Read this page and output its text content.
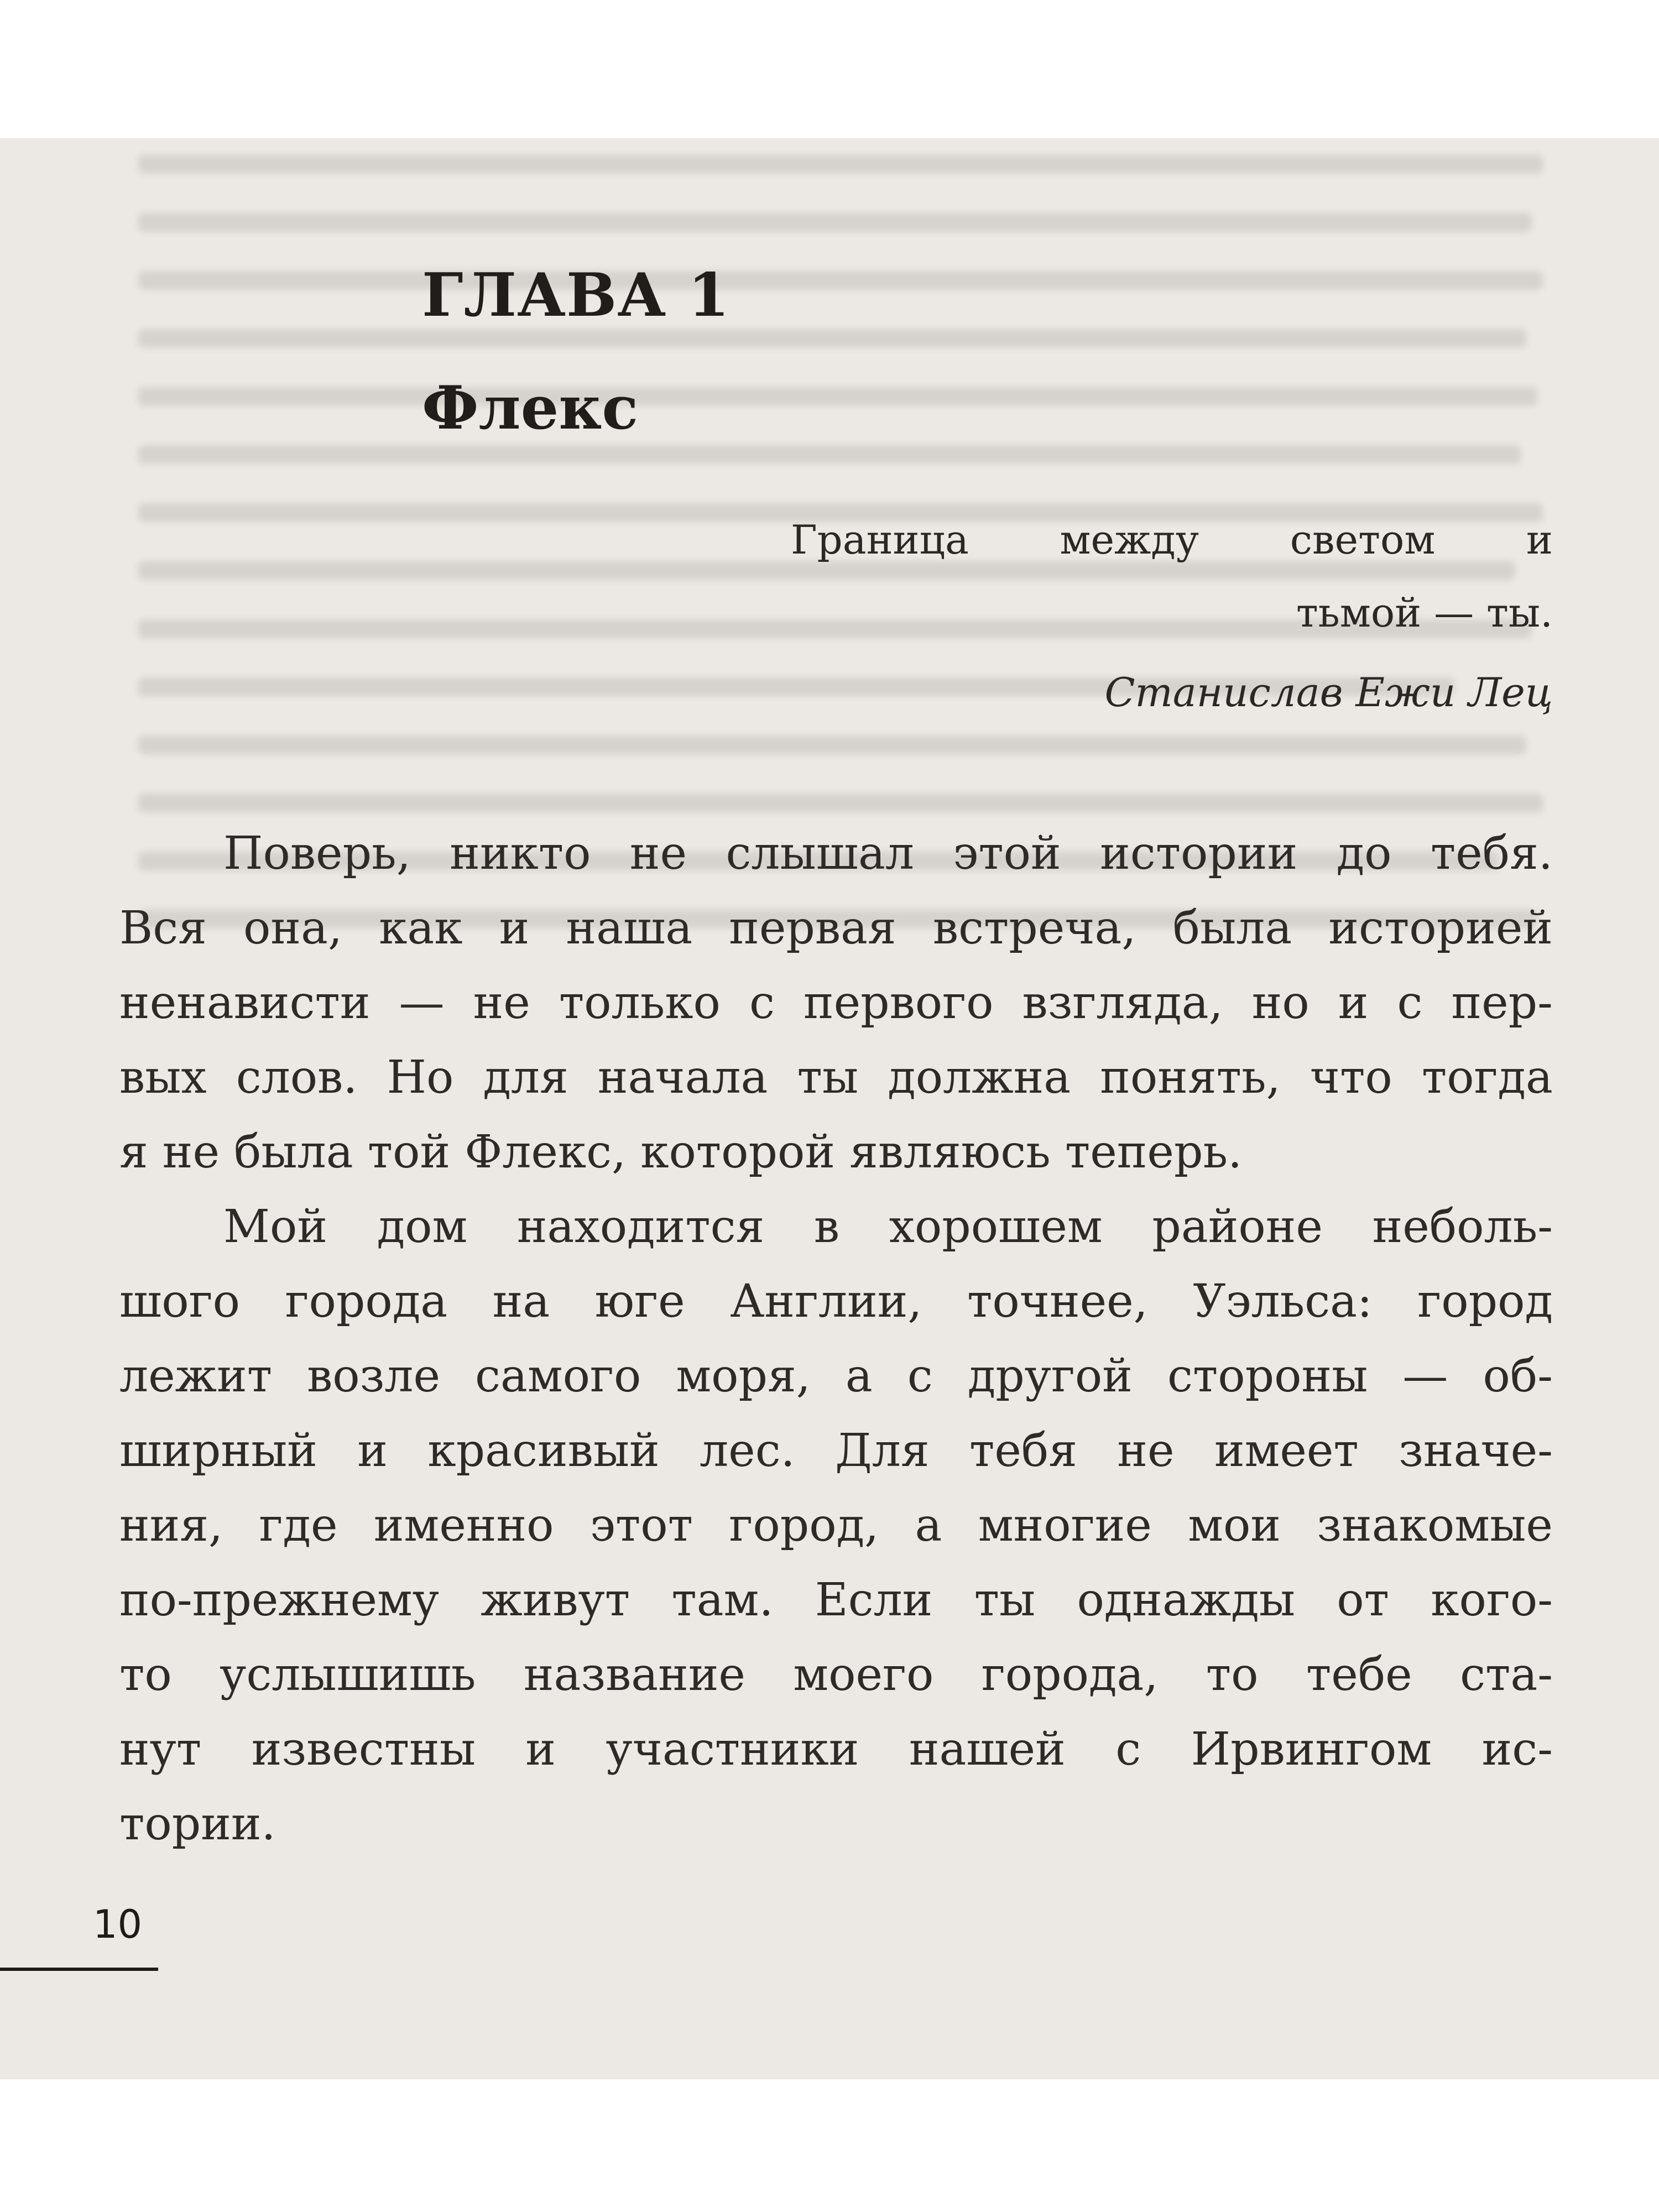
ГЛАВА 1
Флекс
Граница между светом и
тьмой — ты.
Станислав Ежи Лец
Поверь, никто не слышал этой истории до тебя.
Вся она, как и наша первая встреча, была историей
ненависти — не только с первого взгляда, но и с пер-
вых слов. Но для начала ты должна понять, что тогда
я не была той Флекс, которой являюсь теперь.
Мой дом находится в хорошем районе неболь-
шого города на юге Англии, точнее, Уэльса: город
лежит возле самого моря, а с другой стороны — об-
ширный и красивый лес. Для тебя не имеет значе-
ния, где именно этот город, а многие мои знакомые
по-прежнему живут там. Если ты однажды от кого-
то услышишь название моего города, то тебе ста-
нут известны и участники нашей с Ирвингом ис-
тории.
10
